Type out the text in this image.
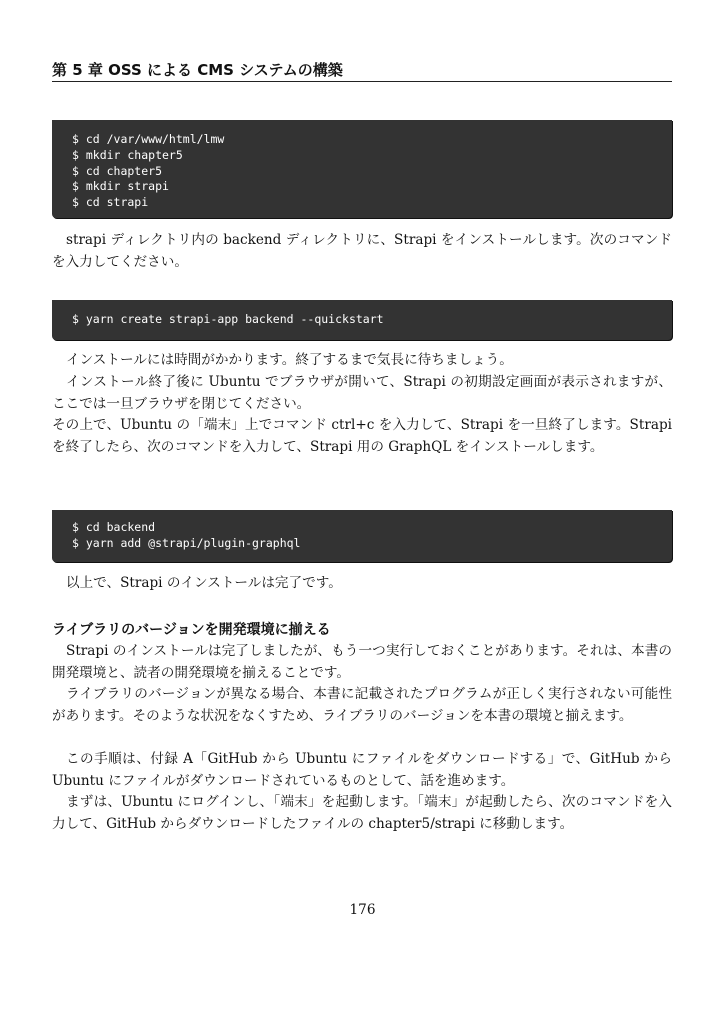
第 5 章 OSS による CMS システムの構築
$ cd /var/www/html/lmw
$ mkdir chapter5
$ cd chapter5
$ mkdir strapi
$ cd strapi

strapi ディレクトリ内の backend ディレクトリに、Strapi をインストールします。次のコマンドを入力してください。

$ yarn create strapi-app backend --quickstart

インストールには時間がかかります。終了するまで気長に待ちましょう。

インストール終了後に Ubuntu でブラウザが開いて、Strapi の初期設定画面が表示されますが、ここでは一旦ブラウザを閉じてください。

その上で、Ubuntu の「端末」上でコマンド ctrl+c を入力して、Strapi を一旦終了します。Strapi を終了したら、次のコマンドを入力して、Strapi 用の GraphQL をインストールします。

$ cd backend
$ yarn add @strapi/plugin-graphql

以上で、Strapi のインストールは完了です。

ライブラリのバージョンを開発環境に揃える

Strapi のインストールは完了しましたが、もう一つ実行しておくことがあります。それは、本書の開発環境と、読者の開発環境を揃えることです。

ライブラリのバージョンが異なる場合、本書に記載されたプログラムが正しく実行されない可能性があります。そのような状況をなくすため、ライブラリのバージョンを本書の環境と揃えます。

この手順は、付録 A「GitHub から Ubuntu にファイルをダウンロードする」で、GitHub から Ubuntu にファイルがダウンロードされているものとして、話を進めます。

まずは、Ubuntu にログインし、「端末」を起動します。「端末」が起動したら、次のコマンドを入力して、GitHub からダウンロードしたファイルの chapter5/strapi に移動します。

176
